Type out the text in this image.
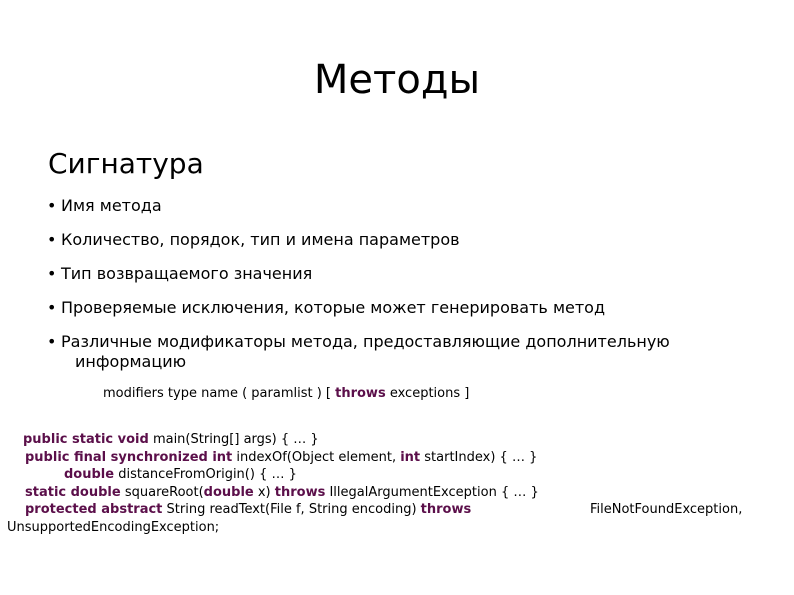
Методы
Сигнатура
• Имя метода
• Количество, порядок, тип и имена параметров
• Тип возвращаемого значения
• Проверяемые исключения, которые может генерировать метод
• Различные модификаторы метода, предоставляющие дополнительную
информацию
modifiers type name ( paramlist ) [ throws exceptions ]
public static void main(String[] args) { … }
public final synchronized int indexOf(Object element, int startIndex) { … }
double distanceFromOrigin() { … }
static double squareRoot(double x) throws IllegalArgumentException { … }
protected abstract String readText(File f, String encoding) throws	FileNotFoundException,
UnsupportedEncodingException;
